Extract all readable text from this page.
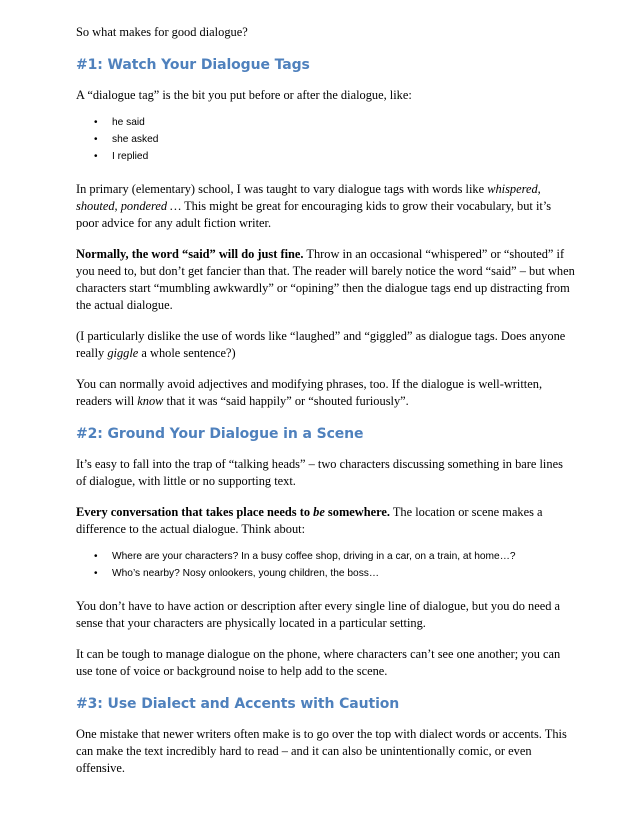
So what makes for good dialogue?

#1: Watch Your Dialogue Tags

A “dialogue tag” is the bit you put before or after the dialogue, like:

• he said
• she asked
• I replied

In primary (elementary) school, I was taught to vary dialogue tags with words like whispered, shouted, pondered … This might be great for encouraging kids to grow their vocabulary, but it’s poor advice for any adult fiction writer.

Normally, the word “said” will do just fine. Throw in an occasional “whispered” or “shouted” if you need to, but don’t get fancier than that. The reader will barely notice the word “said” – but when characters start “mumbling awkwardly” or “opining” then the dialogue tags end up distracting from the actual dialogue.

(I particularly dislike the use of words like “laughed” and “giggled” as dialogue tags. Does anyone really giggle a whole sentence?)

You can normally avoid adjectives and modifying phrases, too. If the dialogue is well-written, readers will know that it was “said happily” or “shouted furiously”.

#2: Ground Your Dialogue in a Scene

It’s easy to fall into the trap of “talking heads” – two characters discussing something in bare lines of dialogue, with little or no supporting text.

Every conversation that takes place needs to be somewhere. The location or scene makes a difference to the actual dialogue. Think about:

• Where are your characters? In a busy coffee shop, driving in a car, on a train, at home…?
• Who’s nearby? Nosy onlookers, young children, the boss…

You don’t have to have action or description after every single line of dialogue, but you do need a sense that your characters are physically located in a particular setting.

It can be tough to manage dialogue on the phone, where characters can’t see one another; you can use tone of voice or background noise to help add to the scene.

#3: Use Dialect and Accents with Caution

One mistake that newer writers often make is to go over the top with dialect words or accents. This can make the text incredibly hard to read – and it can also be unintentionally comic, or even offensive.
